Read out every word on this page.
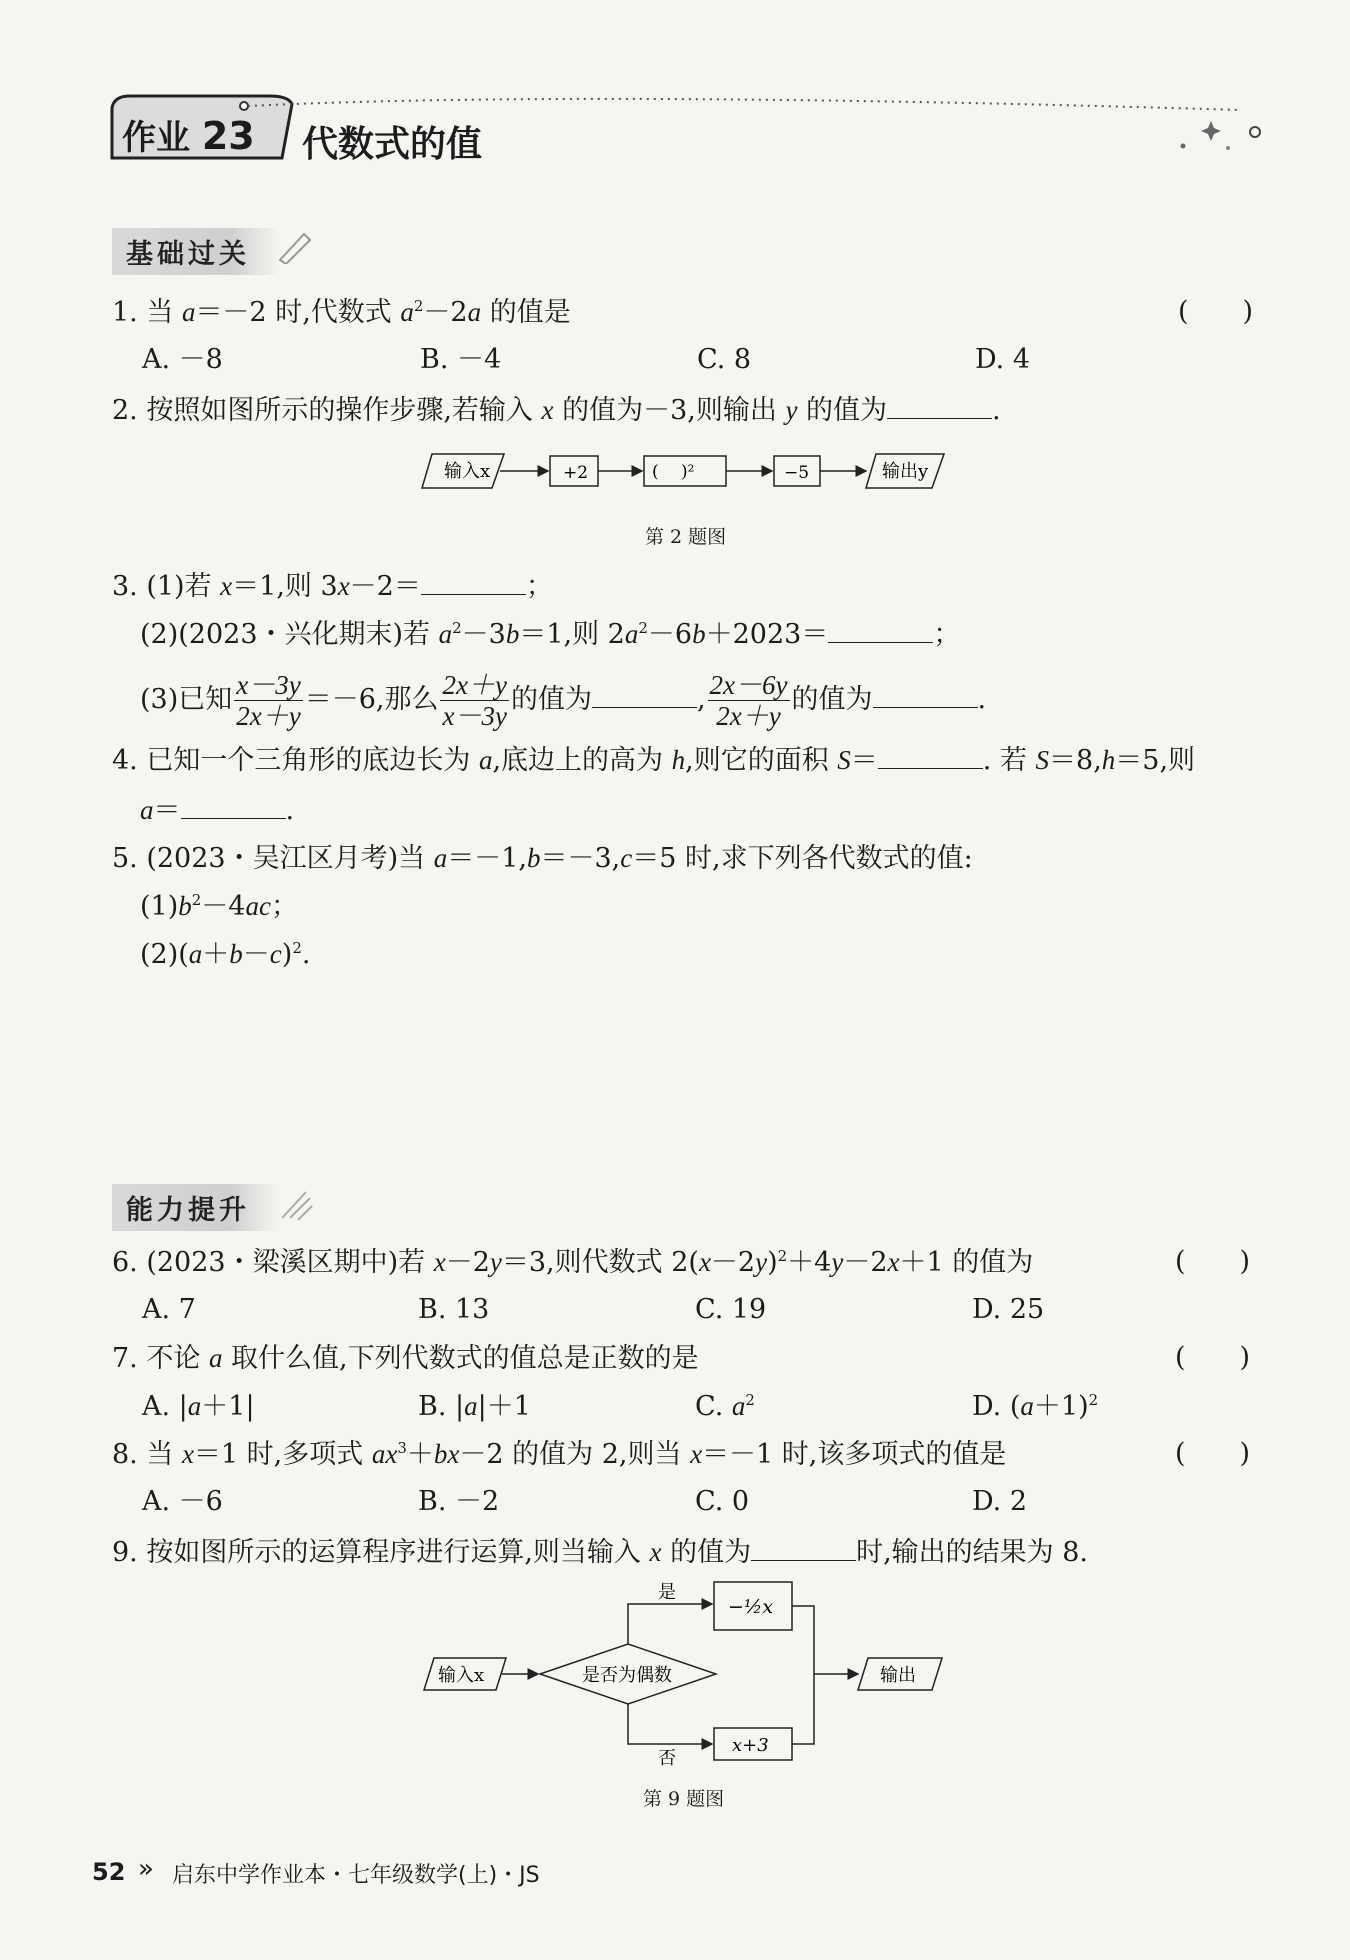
作业 23 代数式的值
基础过关
1. 当 a＝－2 时,代数式 $a^2-2a$ 的值是	(　　)
A. －8	B. －4	C. 8	D. 4
2. 按照如图所示的操作步骤,若输入 x 的值为－3,则输出 y 的值为	.
输入x	+2	(　 )²	−5	输出y
第 2 题图
3. (1)若 x＝1,则 3x－2＝	；
(2)(2023・兴化期末)若 $a^2-3b=1$,则 $2a^2-6b+2023=$	；
(3)已知 $\frac{x-3y}{2x+y} =-6$,那么 $\frac{2x+y}{x-3y}$ 的值为	, $\frac{2x-6y}{2x+y}$ 的值为	.
4. 已知一个三角形的底边长为 a,底边上的高为 h,则它的面积 S＝	. 若 S＝8,h＝5,则
a＝	.
5. (2023・吴江区月考)当 a＝－1,b＝－3,c＝5 时,求下列各代数式的值:
$(1)b^2-4ac$；
$(2)(a+b-c)^2$.
能力提升
6. (2023・梁溪区期中)若 x－2y＝3,则代数式 $2(x-2y)^2+4y-2x+1$ 的值为	(　　)
A. 7	B. 13	C. 19	D. 25
7. 不论 a 取什么值,下列代数式的值总是正数的是	(　　)
A. |a＋1|	B. |a|＋1	C. $a^2$	D. $(a+1)^2$
8. 当 x＝1 时,多项式 $ax^3+bx-2$ 的值为 2,则当 x＝－1 时,该多项式的值是	(　　)
A. －6	B. －2	C. 0	D. 2
9. 按如图所示的运算程序进行运算,则当输入 x 的值为	时,输出的结果为 8.
输入x	是否为偶数
是
否
−½x
x+3
输出
第 9 题图
52 » 启东中学作业本・七年级数学(上)・JS
